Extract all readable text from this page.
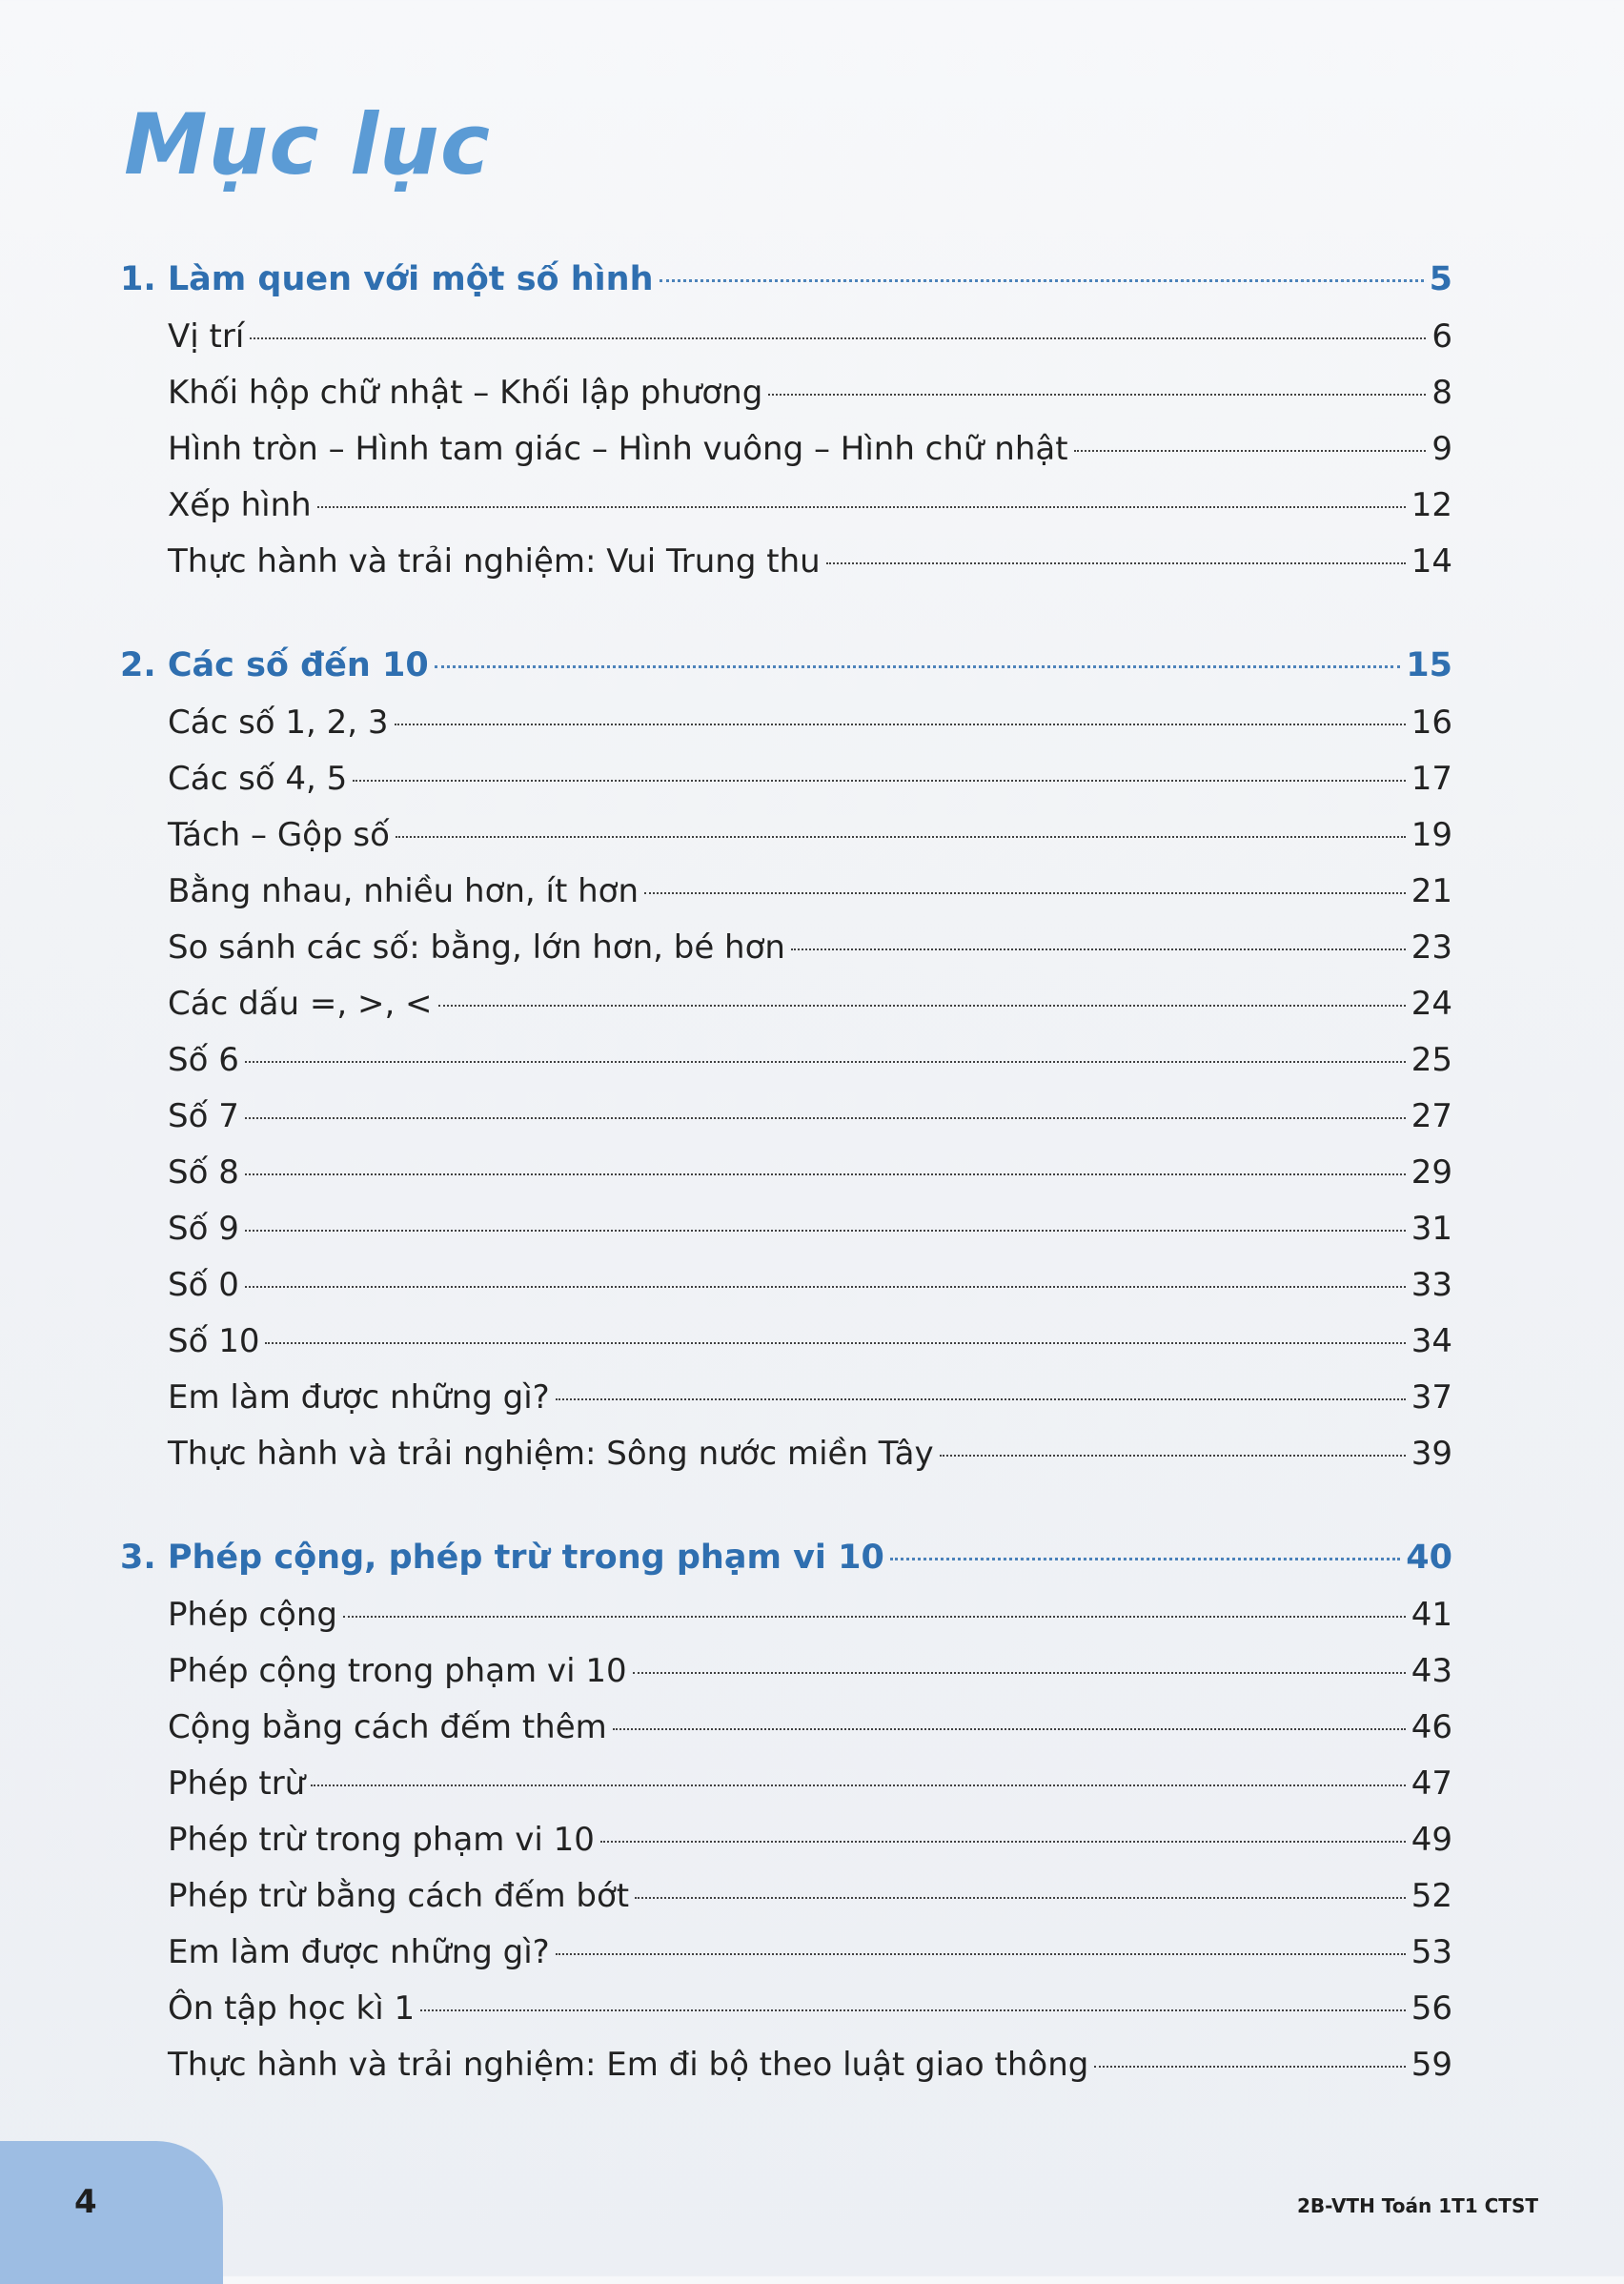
Mục lục
1. Làm quen với một số hình	5
Vị trí	6
Khối hộp chữ nhật – Khối lập phương	8
Hình tròn – Hình tam giác – Hình vuông – Hình chữ nhật	9
Xếp hình	12
Thực hành và trải nghiệm: Vui Trung thu	14
2. Các số đến 10	15
Các số 1, 2, 3	16
Các số 4, 5	17
Tách – Gộp số	19
Bằng nhau, nhiều hơn, ít hơn	21
So sánh các số: bằng, lớn hơn, bé hơn	23
Các dấu =, >, <	24
Số 6	25
Số 7	27
Số 8	29
Số 9	31
Số 0	33
Số 10	34
Em làm được những gì?	37
Thực hành và trải nghiệm: Sông nước miền Tây	39
3. Phép cộng, phép trừ trong phạm vi 10	40
Phép cộng	41
Phép cộng trong phạm vi 10	43
Cộng bằng cách đếm thêm	46
Phép trừ	47
Phép trừ trong phạm vi 10	49
Phép trừ bằng cách đếm bớt	52
Em làm được những gì?	53
Ôn tập học kì 1	56
Thực hành và trải nghiệm: Em đi bộ theo luật giao thông	59
4	2B-VTH Toán 1T1 CTST
